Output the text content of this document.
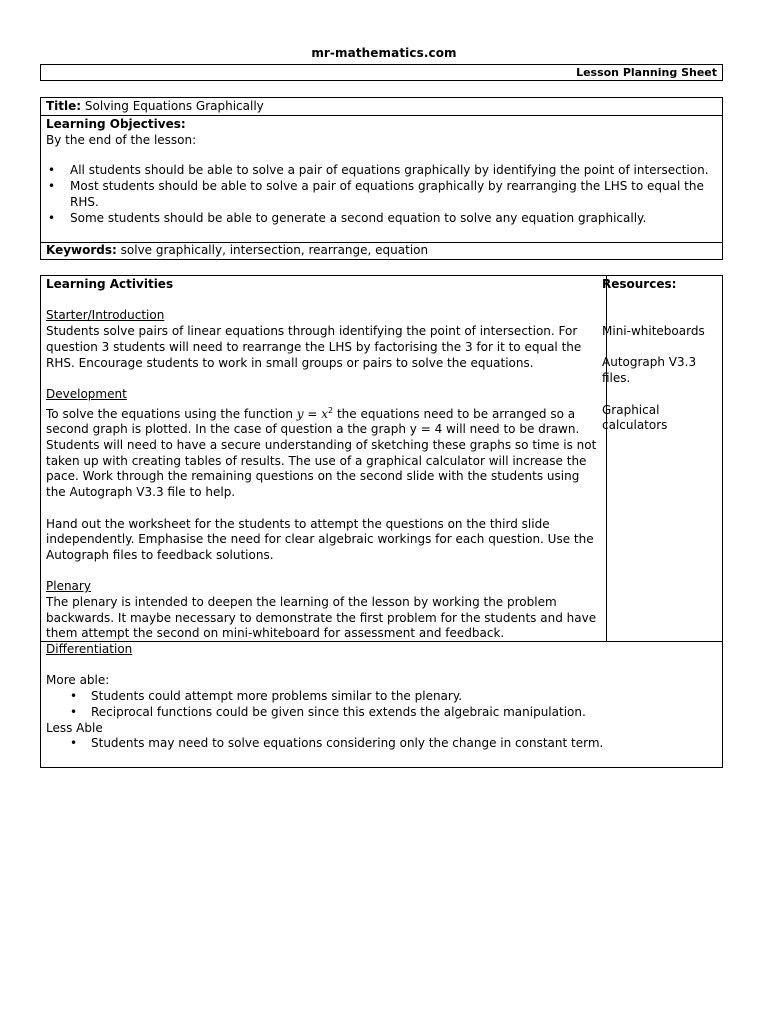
mr-mathematics.com
Lesson Planning Sheet
Title: Solving Equations Graphically
Learning Objectives:
By the end of the lesson:
• All students should be able to solve a pair of equations graphically by identifying the point of intersection.
• Most students should be able to solve a pair of equations graphically by rearranging the LHS to equal the RHS.
• Some students should be able to generate a second equation to solve any equation graphically.
Keywords: solve graphically, intersection, rearrange, equation
Learning Activities
Starter/Introduction
Students solve pairs of linear equations through identifying the point of intersection. For question 3 students will need to rearrange the LHS by factorising the 3 for it to equal the RHS. Encourage students to work in small groups or pairs to solve the equations.
Development
To solve the equations using the function $y = x^2$ the equations need to be arranged so a second graph is plotted. In the case of question a the graph y = 4 will need to be drawn. Students will need to have a secure understanding of sketching these graphs so time is not taken up with creating tables of results. The use of a graphical calculator will increase the pace. Work through the remaining questions on the second slide with the students using the Autograph V3.3 file to help.
Hand out the worksheet for the students to attempt the questions on the third slide independently. Emphasise the need for clear algebraic workings for each question. Use the Autograph files to feedback solutions.
Plenary
The plenary is intended to deepen the learning of the lesson by working the problem backwards. It maybe necessary to demonstrate the first problem for the students and have them attempt the second on mini-whiteboard for assessment and feedback.
Resources:
Mini-whiteboards
Autograph V3.3 files.
Graphical calculators
Differentiation
More able:
• Students could attempt more problems similar to the plenary.
• Reciprocal functions could be given since this extends the algebraic manipulation.
Less Able
• Students may need to solve equations considering only the change in constant term.
